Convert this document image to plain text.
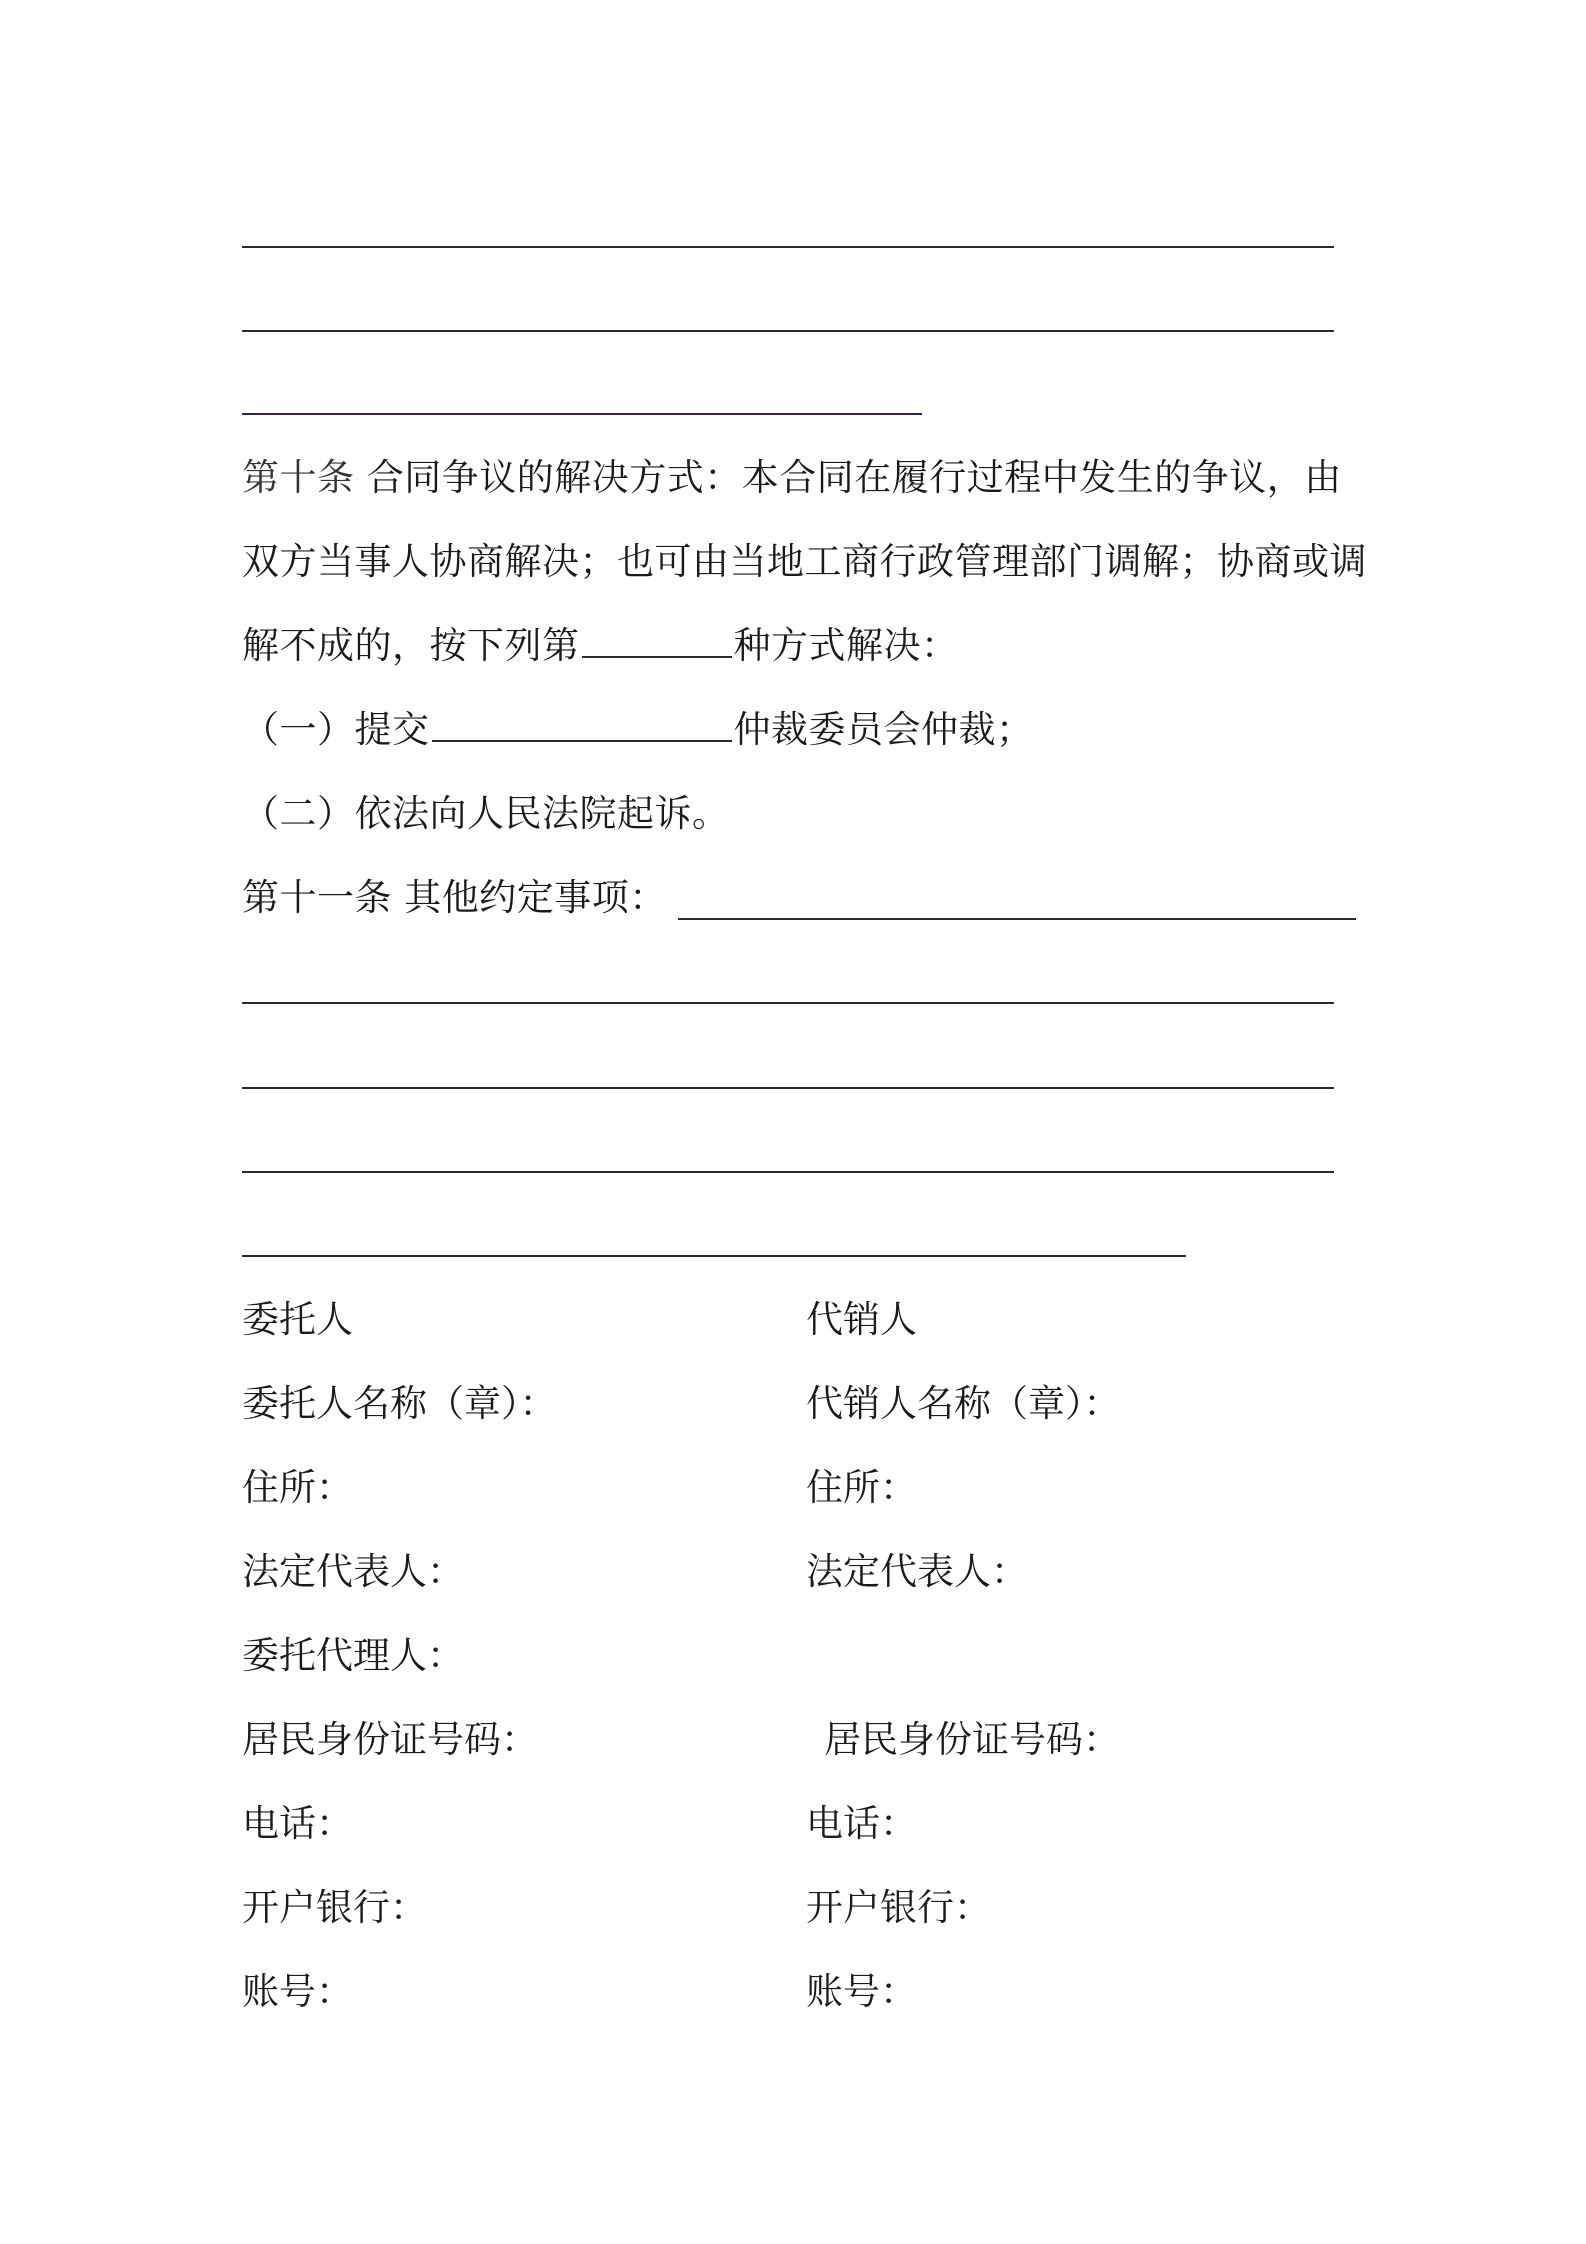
第十条 合同争议的解决方式：本合同在履行过程中发生的争议，由
双方当事人协商解决；也可由当地工商行政管理部门调解；协商或调
解不成的，按下列第	种方式解决：
（一）提交	仲裁委员会仲裁；
（二）依法向人民法院起诉。
第十一条 其他约定事项：
委托人
委托人名称（章）：
住所：
法定代表人：
委托代理人：
居民身份证号码：
电话：
开户银行：
账号：
代销人
代销人名称（章）：
住所：
法定代表人：
居民身份证号码：
电话：
开户银行：
账号：
